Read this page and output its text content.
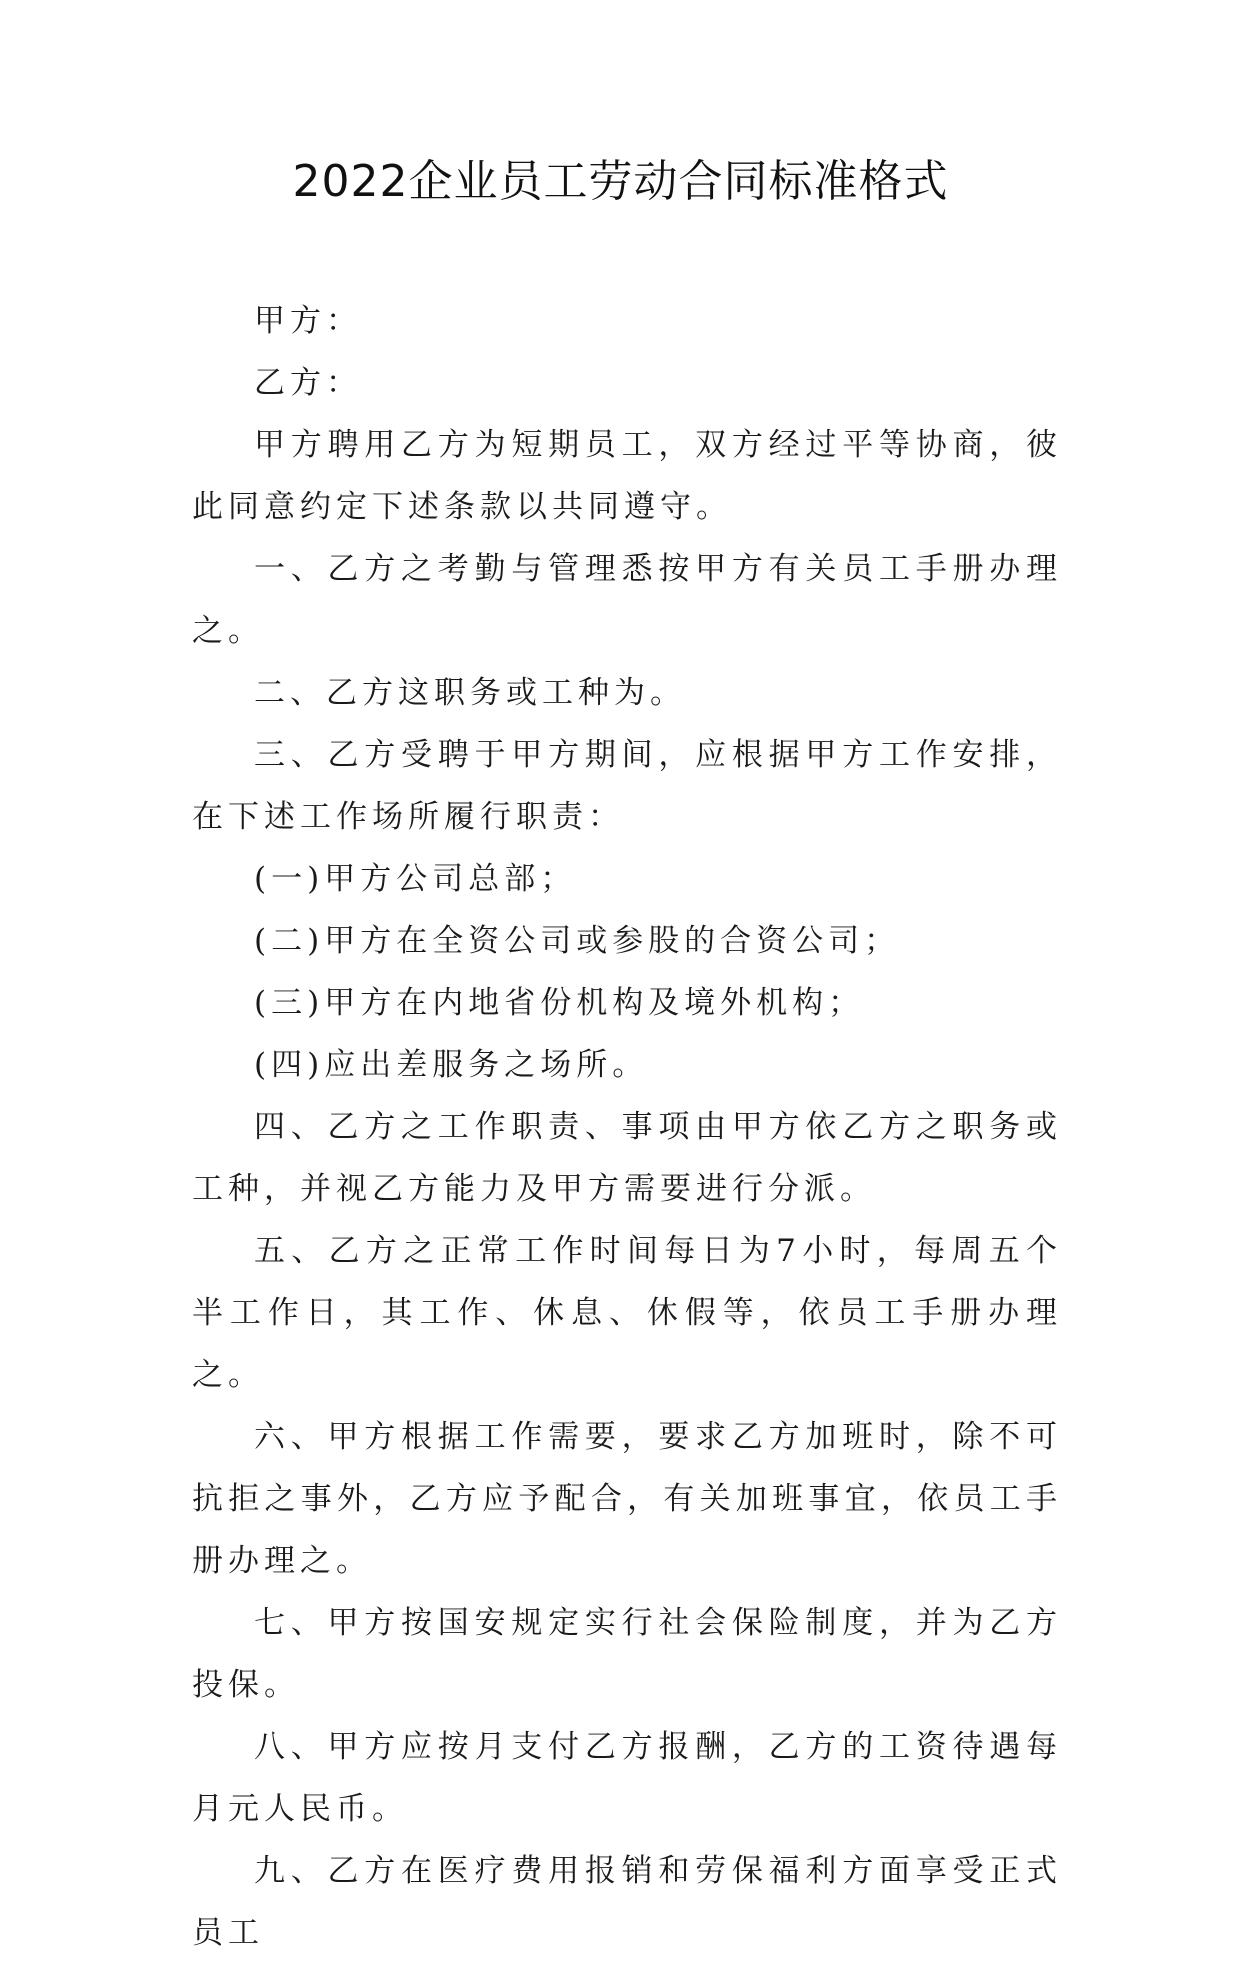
2022企业员工劳动合同标准格式

甲方：

乙方：

甲方聘用乙方为短期员工，双方经过平等协商，彼此同意约定下述条款以共同遵守。

一、乙方之考勤与管理悉按甲方有关员工手册办理之。

二、乙方这职务或工种为。

三、乙方受聘于甲方期间，应根据甲方工作安排，在下述工作场所履行职责：

(一)甲方公司总部；

(二)甲方在全资公司或参股的合资公司；

(三)甲方在内地省份机构及境外机构；

(四)应出差服务之场所。

四、乙方之工作职责、事项由甲方依乙方之职务或工种，并视乙方能力及甲方需要进行分派。

五、乙方之正常工作时间每日为7小时，每周五个半工作日，其工作、休息、休假等，依员工手册办理之。

六、甲方根据工作需要，要求乙方加班时，除不可抗拒之事外，乙方应予配合，有关加班事宜，依员工手册办理之。

七、甲方按国安规定实行社会保险制度，并为乙方投保。

八、甲方应按月支付乙方报酬，乙方的工资待遇每月元人民币。

九、乙方在医疗费用报销和劳保福利方面享受正式员工
